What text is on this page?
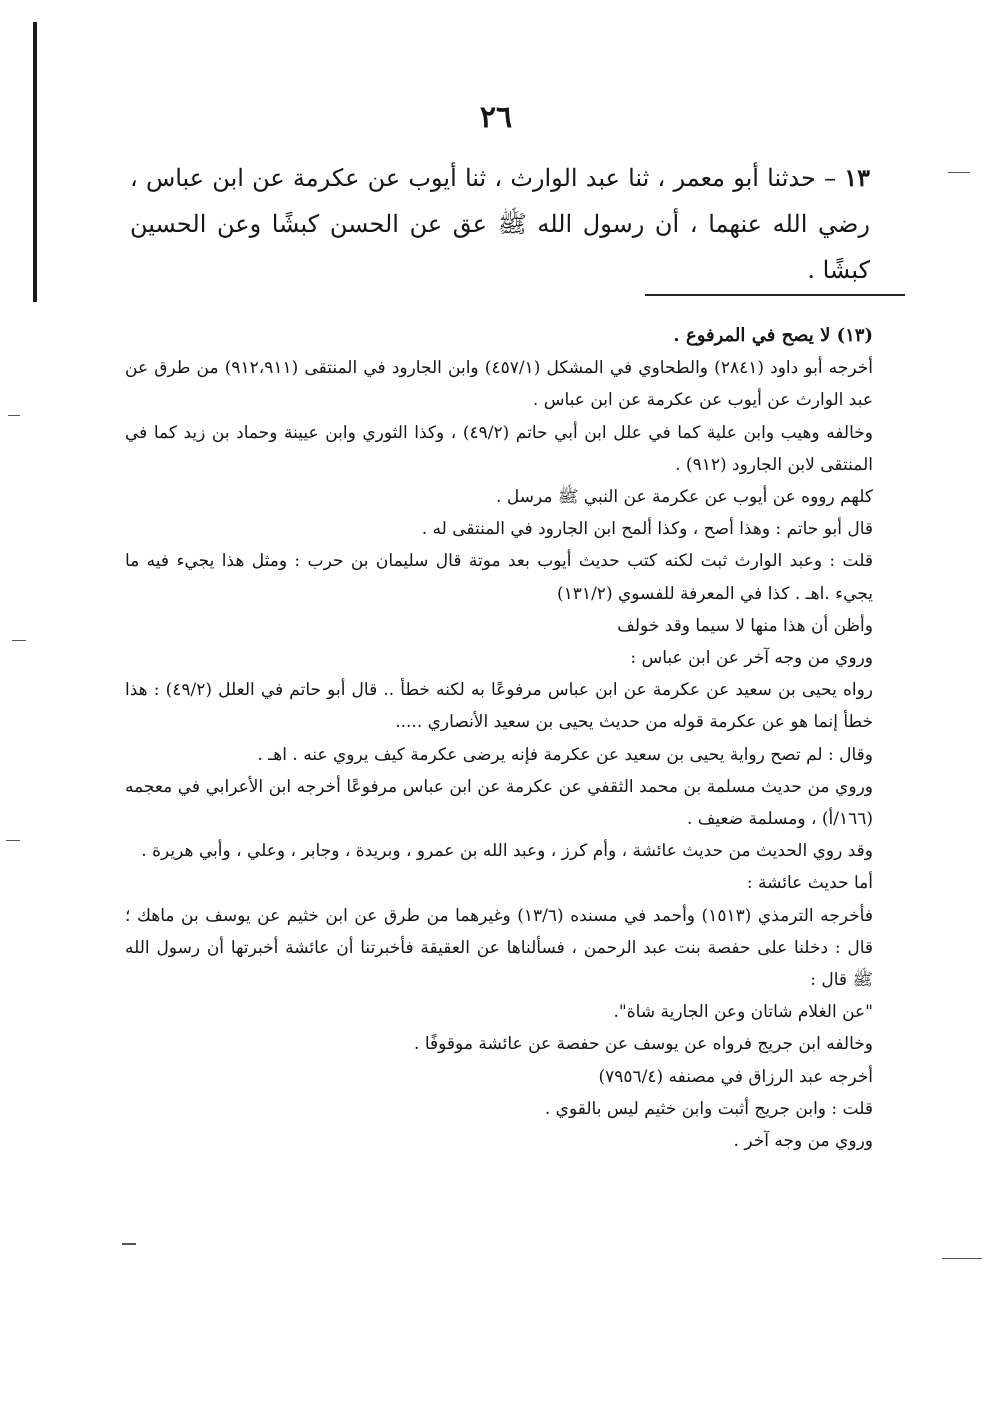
٢٦
١٣ – حدثنا أبو معمر ، ثنا عبد الوارث ، ثنا أيوب عن عكرمة عن ابن عباس ، رضي الله عنهما ، أن رسول الله ﷺ عق عن الحسن كبشًا وعن الحسين كبشًا .

(١٣) لا يصح في المرفوع .

أخرجه أبو داود (٢٨٤١) والطحاوي في المشكل (٤٥٧/١) وابن الجارود في المنتقى (٩١٢،٩١١) من طرق عن عبد الوارث عن أيوب عن عكرمة عن ابن عباس .

وخالفه وهيب وابن علية كما في علل ابن أبي حاتم (٤٩/٢) ، وكذا الثوري وابن عيينة وحماد بن زيد كما في المنتقى لابن الجارود (٩١٢) .

كلهم رووه عن أيوب عن عكرمة عن النبي ﷺ مرسل .

قال أبو حاتم : وهذا أصح ، وكذا ألمح ابن الجارود في المنتقى له .

قلت : وعبد الوارث ثبت لكنه كتب حديث أيوب بعد موتة قال سليمان بن حرب : ومثل هذا يجيء فيه ما يجيء .اهـ . كذا في المعرفة للفسوي (١٣١/٢)

وأظن أن هذا منها لا سيما وقد خولف

وروي من وجه آخر عن ابن عباس :

رواه يحيى بن سعيد عن عكرمة عن ابن عباس مرفوعًا به لكنه خطأ .. قال أبو حاتم في العلل (٤٩/٢) : هذا خطأ إنما هو عن عكرمة قوله من حديث يحيى بن سعيد الأنصاري .....

وقال : لم تصح رواية يحيى بن سعيد عن عكرمة فإنه يرضى عكرمة كيف يروي عنه . اهـ .

وروي من حديث مسلمة بن محمد الثقفي عن عكرمة عن ابن عباس مرفوعًا أخرجه ابن الأعرابي في معجمه (١٦٦/أ) ، ومسلمة ضعيف .

وقد روي الحديث من حديث عائشة ، وأم كرز ، وعبد الله بن عمرو ، وبريدة ، وجابر ، وعلي ، وأبي هريرة .

أما حديث عائشة :

فأخرجه الترمذي (١٥١٣) وأحمد في مسنده (١٣/٦) وغيرهما من طرق عن ابن خثيم عن يوسف بن ماهك ؛ قال : دخلنا على حفصة بنت عبد الرحمن ، فسألناها عن العقيقة فأخبرتنا أن عائشة أخبرتها أن رسول الله ﷺ قال :

"عن الغلام شاتان وعن الجارية شاة".

وخالفه ابن جريج فرواه عن يوسف عن حفصة عن عائشة موقوفًا .

أخرجه عبد الرزاق في مصنفه (٧٩٥٦/٤)

قلت : وابن جريج أثبت وابن خثيم ليس بالقوي .

وروي من وجه آخر .
